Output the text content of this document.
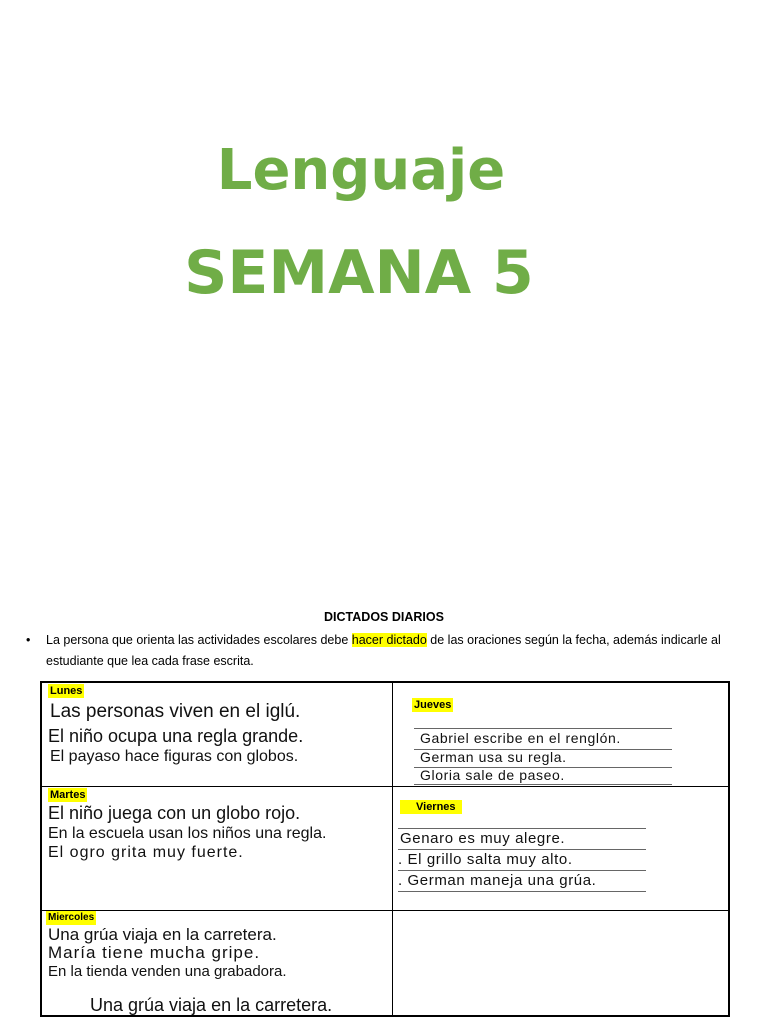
Lenguaje
SEMANA 5
DICTADOS DIARIOS
• La persona que orienta las actividades escolares debe hacer dictado de las oraciones según la fecha, además indicarle al estudiante que lea cada frase escrita.
Lunes
Las personas viven en el iglú.
El niño ocupa una regla grande.
El payaso hace figuras con globos.
Martes
El niño juega con un globo rojo.
En la escuela usan los niños una regla.
El ogro grita muy fuerte.
Miercoles
Una grúa viaja en la carretera.
María tiene mucha gripe.
En la tienda venden una grabadora.
Una grúa viaja en la carretera.
Jueves
Gabriel escribe en el renglón.
German usa su regla.
Gloria sale de paseo.
Viernes
Genaro es muy alegre.
. El grillo salta muy alto.
. German maneja una grúa.
